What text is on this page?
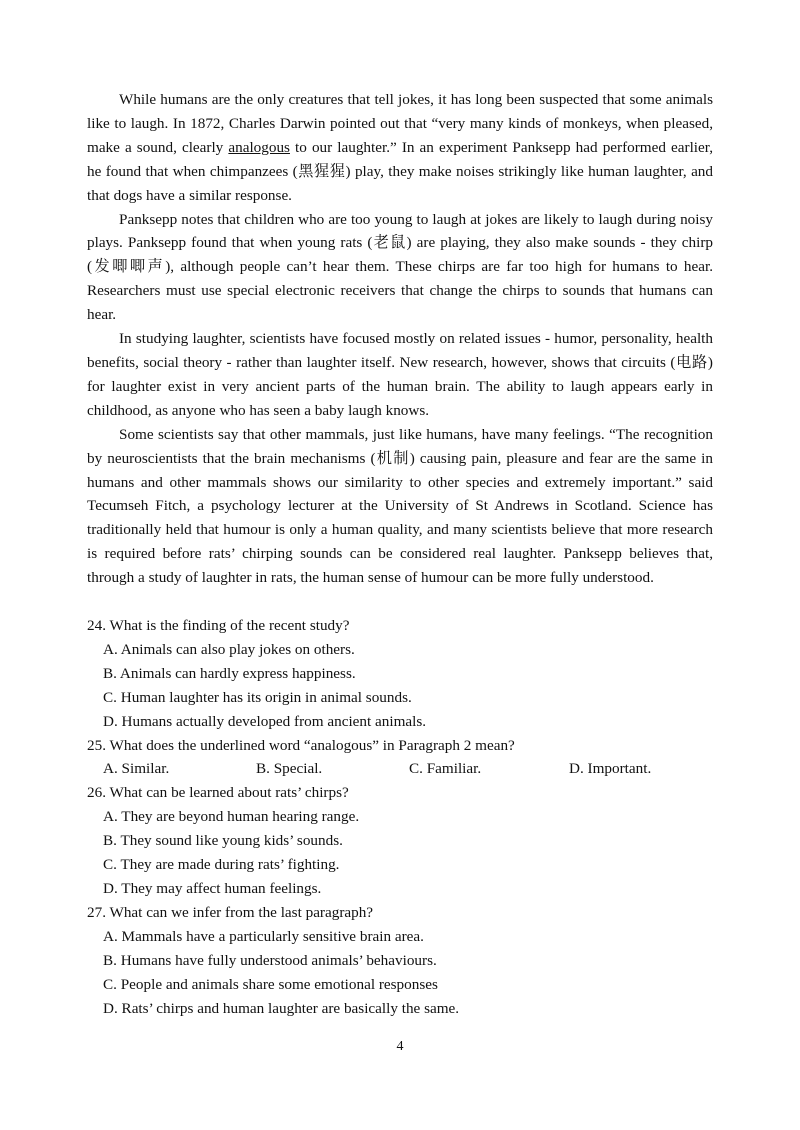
While humans are the only creatures that tell jokes, it has long been suspected that some animals like to laugh. In 1872, Charles Darwin pointed out that “very many kinds of monkeys, when pleased, make a sound, clearly analogous to our laughter.” In an experiment Panksepp had performed earlier, he found that when chimpanzees (黑猩猩) play, they make noises strikingly like human laughter, and that dogs have a similar response.

Panksepp notes that children who are too young to laugh at jokes are likely to laugh during noisy plays. Panksepp found that when young rats (老鼠) are playing, they also make sounds - they chirp (发唧唧声), although people can’t hear them. These chirps are far too high for humans to hear. Researchers must use special electronic receivers that change the chirps to sounds that humans can hear.

In studying laughter, scientists have focused mostly on related issues - humor, personality, health benefits, social theory - rather than laughter itself. New research, however, shows that circuits (电路) for laughter exist in very ancient parts of the human brain. The ability to laugh appears early in childhood, as anyone who has seen a baby laugh knows.

Some scientists say that other mammals, just like humans, have many feelings. “The recognition by neuroscientists that the brain mechanisms (机制) causing pain, pleasure and fear are the same in humans and other mammals shows our similarity to other species and extremely important.” said Tecumseh Fitch, a psychology lecturer at the University of St Andrews in Scotland. Science has traditionally held that humour is only a human quality, and many scientists believe that more research is required before rats’ chirping sounds can be considered real laughter. Panksepp believes that, through a study of laughter in rats, the human sense of humour can be more fully understood.

24. What is the finding of the recent study?
A. Animals can also play jokes on others.
B. Animals can hardly express happiness.
C. Human laughter has its origin in animal sounds.
D. Humans actually developed from ancient animals.
25. What does the underlined word “analogous” in Paragraph 2 mean?
A. Similar.	B. Special.	C. Familiar.	D. Important.
26. What can be learned about rats’ chirps?
A. They are beyond human hearing range.
B. They sound like young kids’ sounds.
C. They are made during rats’ fighting.
D. They may affect human feelings.
27. What can we infer from the last paragraph?
A. Mammals have a particularly sensitive brain area.
B. Humans have fully understood animals’ behaviours.
C. People and animals share some emotional responses
D. Rats’ chirps and human laughter are basically the same.
4
